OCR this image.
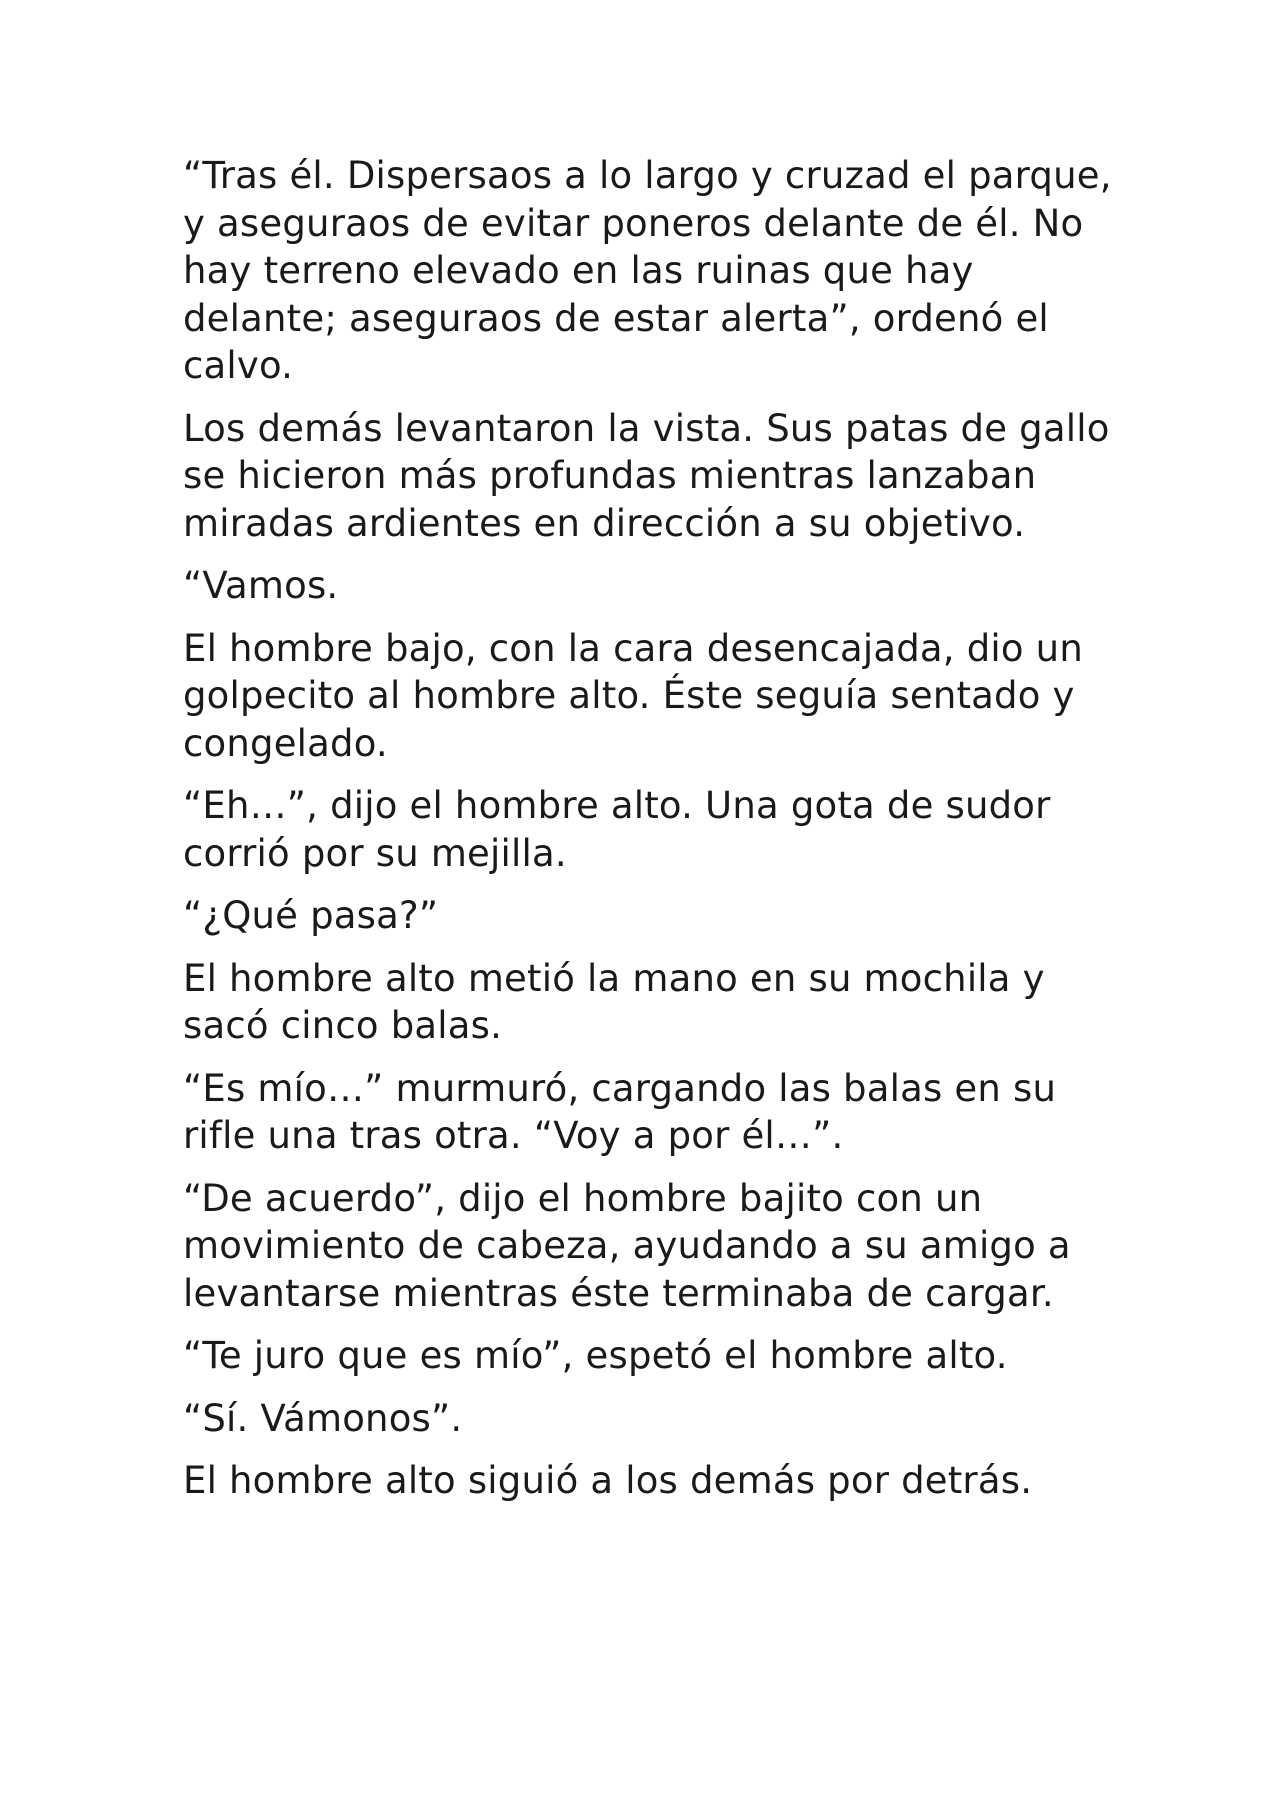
“Tras él. Dispersaos a lo largo y cruzad el parque, y aseguraos de evitar poneros delante de él. No hay terreno elevado en las ruinas que hay delante; aseguraos de estar alerta”, ordenó el calvo.

Los demás levantaron la vista. Sus patas de gallo se hicieron más profundas mientras lanzaban miradas ardientes en dirección a su objetivo.

“Vamos.

El hombre bajo, con la cara desencajada, dio un golpecito al hombre alto. Éste seguía sentado y congelado.

“Eh…”, dijo el hombre alto. Una gota de sudor corrió por su mejilla.

“¿Qué pasa?”

El hombre alto metió la mano en su mochila y sacó cinco balas.

“Es mío…” murmuró, cargando las balas en su rifle una tras otra. “Voy a por él…”.

“De acuerdo”, dijo el hombre bajito con un movimiento de cabeza, ayudando a su amigo a levantarse mientras éste terminaba de cargar.

“Te juro que es mío”, espetó el hombre alto.

“Sí. Vámonos”.

El hombre alto siguió a los demás por detrás.
